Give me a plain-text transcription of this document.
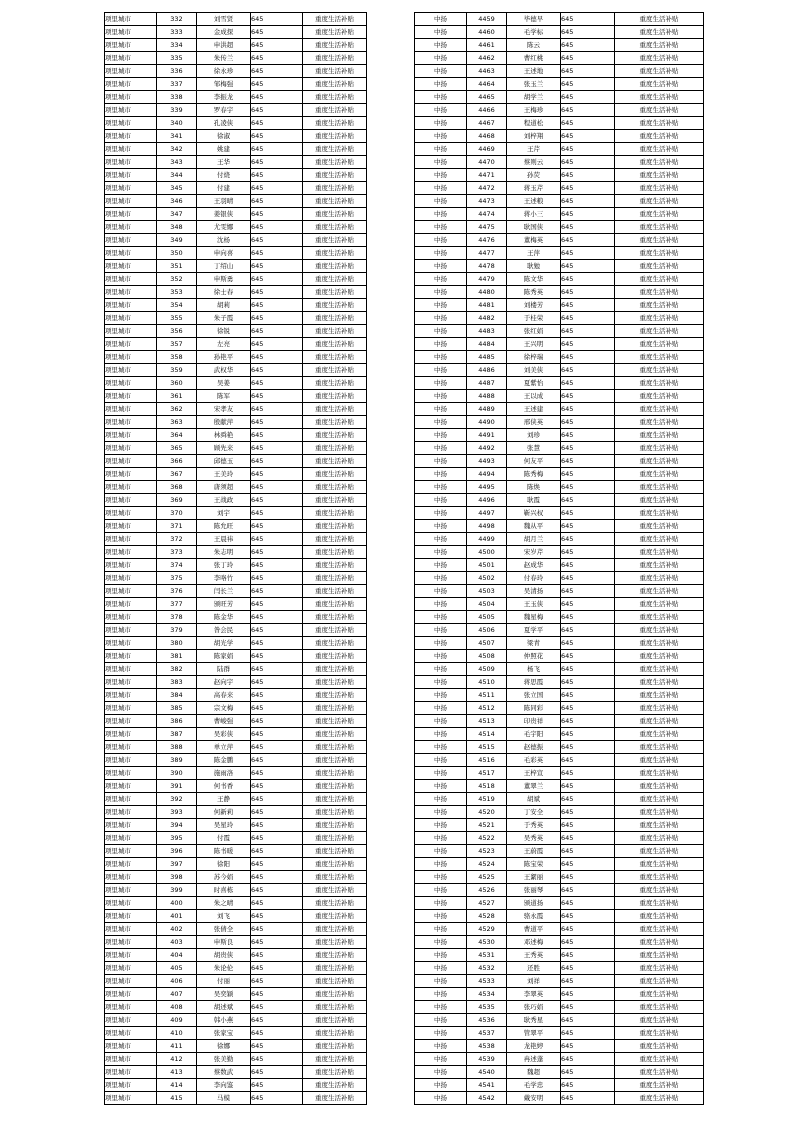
项里城市	332	刘雪贤	645	重度生活补贴
项里城市	333	金成探	645	重度生活补贴
项里城市	334	申洪超	645	重度生活补贴
项里城市	335	朱传兰	645	重度生活补贴
项里城市	336	徐永珍	645	重度生活补贴
项里城市	337	邹梅强	645	重度生活补贴
项里城市	338	李振龙	645	重度生活补贴
项里城市	339	罗春宇	645	重度生活补贴
项里城市	340	孔凌侠	645	重度生活补贴
项里城市	341	徐淑	645	重度生活补贴
项里城市	342	姚建	645	重度生活补贴
项里城市	343	王华	645	重度生活补贴
项里城市	344	付烧	645	重度生活补贴
项里城市	345	付建	645	重度生活补贴
项里城市	346	王羽晴	645	重度生活补贴
项里城市	347	姜银侠	645	重度生活补贴
项里城市	348	尤雯娜	645	重度生活补贴
项里城市	349	沈杨	645	重度生活补贴
项里城市	350	申向喜	645	重度生活补贴
项里城市	351	丁绍山	645	重度生活补贴
项里城市	352	申斯勇	645	重度生活补贴
项里城市	353	徐士春	645	重度生活补贴
项里城市	354	胡莉	645	重度生活补贴
项里城市	355	朱子霞	645	重度生活补贴
项里城市	356	徐锐	645	重度生活补贴
项里城市	357	左亮	645	重度生活补贴
项里城市	358	孙艳平	645	重度生活补贴
项里城市	359	武权华	645	重度生活补贴
项里城市	360	吴姜	645	重度生活补贴
项里城市	361	陈军	645	重度生活补贴
项里城市	362	宋孝友	645	重度生活补贴
项里城市	363	殷献萍	645	重度生活补贴
项里城市	364	林舜艳	645	重度生活补贴
项里城市	365	顾先来	645	重度生活补贴
项里城市	366	邱德玉	645	重度生活补贴
项里城市	367	王美玲	645	重度生活补贴
项里城市	368	唐须超	645	重度生活补贴
项里城市	369	王战政	645	重度生活补贴
项里城市	370	刘宇	645	重度生活补贴
项里城市	371	陈允旺	645	重度生活补贴
项里城市	372	王晨祎	645	重度生活补贴
项里城市	373	朱志明	645	重度生活补贴
项里城市	374	张丁玲	645	重度生活补贴
项里城市	375	李咯竹	645	重度生活补贴
项里城市	376	闫长兰	645	重度生活补贴
项里城市	377	颁旺芳	645	重度生活补贴
项里城市	378	陈金华	645	重度生活补贴
项里城市	379	昝会民	645	重度生活补贴
项里城市	380	胡光学	645	重度生活补贴
项里城市	381	陈家娟	645	重度生活补贴
项里城市	382	陆群	645	重度生活补贴
项里城市	383	赵向宇	645	重度生活补贴
项里城市	384	高春来	645	重度生活补贴
项里城市	385	宗文梅	645	重度生活补贴
项里城市	386	曹峻强	645	重度生活补贴
项里城市	387	吴彩侠	645	重度生活补贴
项里城市	388	单立萍	645	重度生活补贴
项里城市	389	陈金鹏	645	重度生活补贴
项里城市	390	施雨洛	645	重度生活补贴
项里城市	391	何书香	645	重度生活补贴
项里城市	392	王静	645	重度生活补贴
项里城市	393	何新莉	645	重度生活补贴
项里城市	394	吴星玲	645	重度生活补贴
项里城市	395	付霞	645	重度生活补贴
项里城市	396	陈书暖	645	重度生活补贴
项里城市	397	徐阳	645	重度生活补贴
项里城市	398	苏今娟	645	重度生活补贴
项里城市	399	时喜栋	645	重度生活补贴
项里城市	400	朱之晴	645	重度生活补贴
项里城市	401	刘飞	645	重度生活补贴
项里城市	402	张倩全	645	重度生活补贴
项里城市	403	申斯良	645	重度生活补贴
项里城市	404	胡贵侠	645	重度生活补贴
项里城市	405	朱论伦	645	重度生活补贴
项里城市	406	付丽	645	重度生活补贴
项里城市	407	吴奕颖	645	重度生活补贴
项里城市	408	胡述斌	645	重度生活补贴
项里城市	409	韩小燕	645	重度生活补贴
项里城市	410	张家宝	645	重度生活补贴
项里城市	411	徐娜	645	重度生活补贴
项里城市	412	张美勤	645	重度生活补贴
项里城市	413	蔡数武	645	重度生活补贴
项里城市	414	李向鉴	645	重度生活补贴
项里城市	415	马模	645	重度生活补贴
中扬	4459	毕德早	645	重度生活补贴
中扬	4460	毛学标	645	重度生活补贴
中扬	4461	陈云	645	重度生活补贴
中扬	4462	曹红桃	645	重度生活补贴
中扬	4463	王述地	645	重度生活补贴
中扬	4464	张玉兰	645	重度生活补贴
中扬	4465	胡学兰	645	重度生活补贴
中扬	4466	王梅珍	645	重度生活补贴
中扬	4467	程道松	645	重度生活补贴
中扬	4468	刘梓翔	645	重度生活补贴
中扬	4469	王芹	645	重度生活补贴
中扬	4470	蔡则云	645	重度生活补贴
中扬	4471	孙荧	645	重度生活补贴
中扬	4472	蒋玉芹	645	重度生活补贴
中扬	4473	王述粮	645	重度生活补贴
中扬	4474	蒋小三	645	重度生活补贴
中扬	4475	耿国侠	645	重度生活补贴
中扬	4476	董梅英	645	重度生活补贴
中扬	4477	王萍	645	重度生活补贴
中扬	4478	耿勉	645	重度生活补贴
中扬	4479	陈文华	645	重度生活补贴
中扬	4480	陈秀英	645	重度生活补贴
中扬	4481	刘楼芳	645	重度生活补贴
中扬	4482	于桂荣	645	重度生活补贴
中扬	4483	张红娟	645	重度生活补贴
中扬	4484	王兴明	645	重度生活补贴
中扬	4485	徐梓瑞	645	重度生活补贴
中扬	4486	刘美侠	645	重度生活补贴
中扬	4487	夏紫怡	645	重度生活补贴
中扬	4488	王以成	645	重度生活补贴
中扬	4489	王述建	645	重度生活补贴
中扬	4490	邢侠英	645	重度生活补贴
中扬	4491	刘珍	645	重度生活补贴
中扬	4492	张慧	645	重度生活补贴
中扬	4493	何友平	645	重度生活补贴
中扬	4494	陈秀梅	645	重度生活补贴
中扬	4495	陈焕	645	重度生活补贴
中扬	4496	耿霞	645	重度生活补贴
中扬	4497	靳兴权	645	重度生活补贴
中扬	4498	魏从平	645	重度生活补贴
中扬	4499	胡月兰	645	重度生活补贴
中扬	4500	宋岁芹	645	重度生活补贴
中扬	4501	赵成华	645	重度生活补贴
中扬	4502	付春玲	645	重度生活补贴
中扬	4503	吴清扬	645	重度生活补贴
中扬	4504	王玉侠	645	重度生活补贴
中扬	4505	魏星梅	645	重度生活补贴
中扬	4506	夏学平	645	重度生活补贴
中扬	4507	梁青	645	重度生活补贴
中扬	4508	仲照花	645	重度生活补贴
中扬	4509	杨飞	645	重度生活补贴
中扬	4510	蒋思霞	645	重度生活补贴
中扬	4511	张立国	645	重度生活补贴
中扬	4512	陈同彩	645	重度生活补贴
中扬	4513	印贵祥	645	重度生活补贴
中扬	4514	毛宇阳	645	重度生活补贴
中扬	4515	赵德振	645	重度生活补贴
中扬	4516	毛彩英	645	重度生活补贴
中扬	4517	王梓宣	645	重度生活补贴
中扬	4518	董翠兰	645	重度生活补贴
中扬	4519	胡斌	645	重度生活补贴
中扬	4520	丁安全	645	重度生活补贴
中扬	4521	于秀英	645	重度生活补贴
中扬	4522	吴秀英	645	重度生活补贴
中扬	4523	王蔚霞	645	重度生活补贴
中扬	4524	陈宝荣	645	重度生活补贴
中扬	4525	王絮丽	645	重度生活补贴
中扬	4526	张丽琴	645	重度生活补贴
中扬	4527	颁道扬	645	重度生活补贴
中扬	4528	骆永霞	645	重度生活补贴
中扬	4529	曹道平	645	重度生活补贴
中扬	4530	邓述梅	645	重度生活补贴
中扬	4531	王秀英	645	重度生活补贴
中扬	4532	还胜	645	重度生活补贴
中扬	4533	刘祥	645	重度生活补贴
中扬	4534	李翠英	645	重度生活补贴
中扬	4535	张巧娟	645	重度生活补贴
中扬	4536	耿秀星	645	重度生活补贴
中扬	4537	管翠平	645	重度生活补贴
中扬	4538	龙艳婷	645	重度生活补贴
中扬	4539	冉述蓬	645	重度生活补贴
中扬	4540	魏超	645	重度生活补贴
中扬	4541	毛学忠	645	重度生活补贴
中扬	4542	戴安明	645	重度生活补贴
